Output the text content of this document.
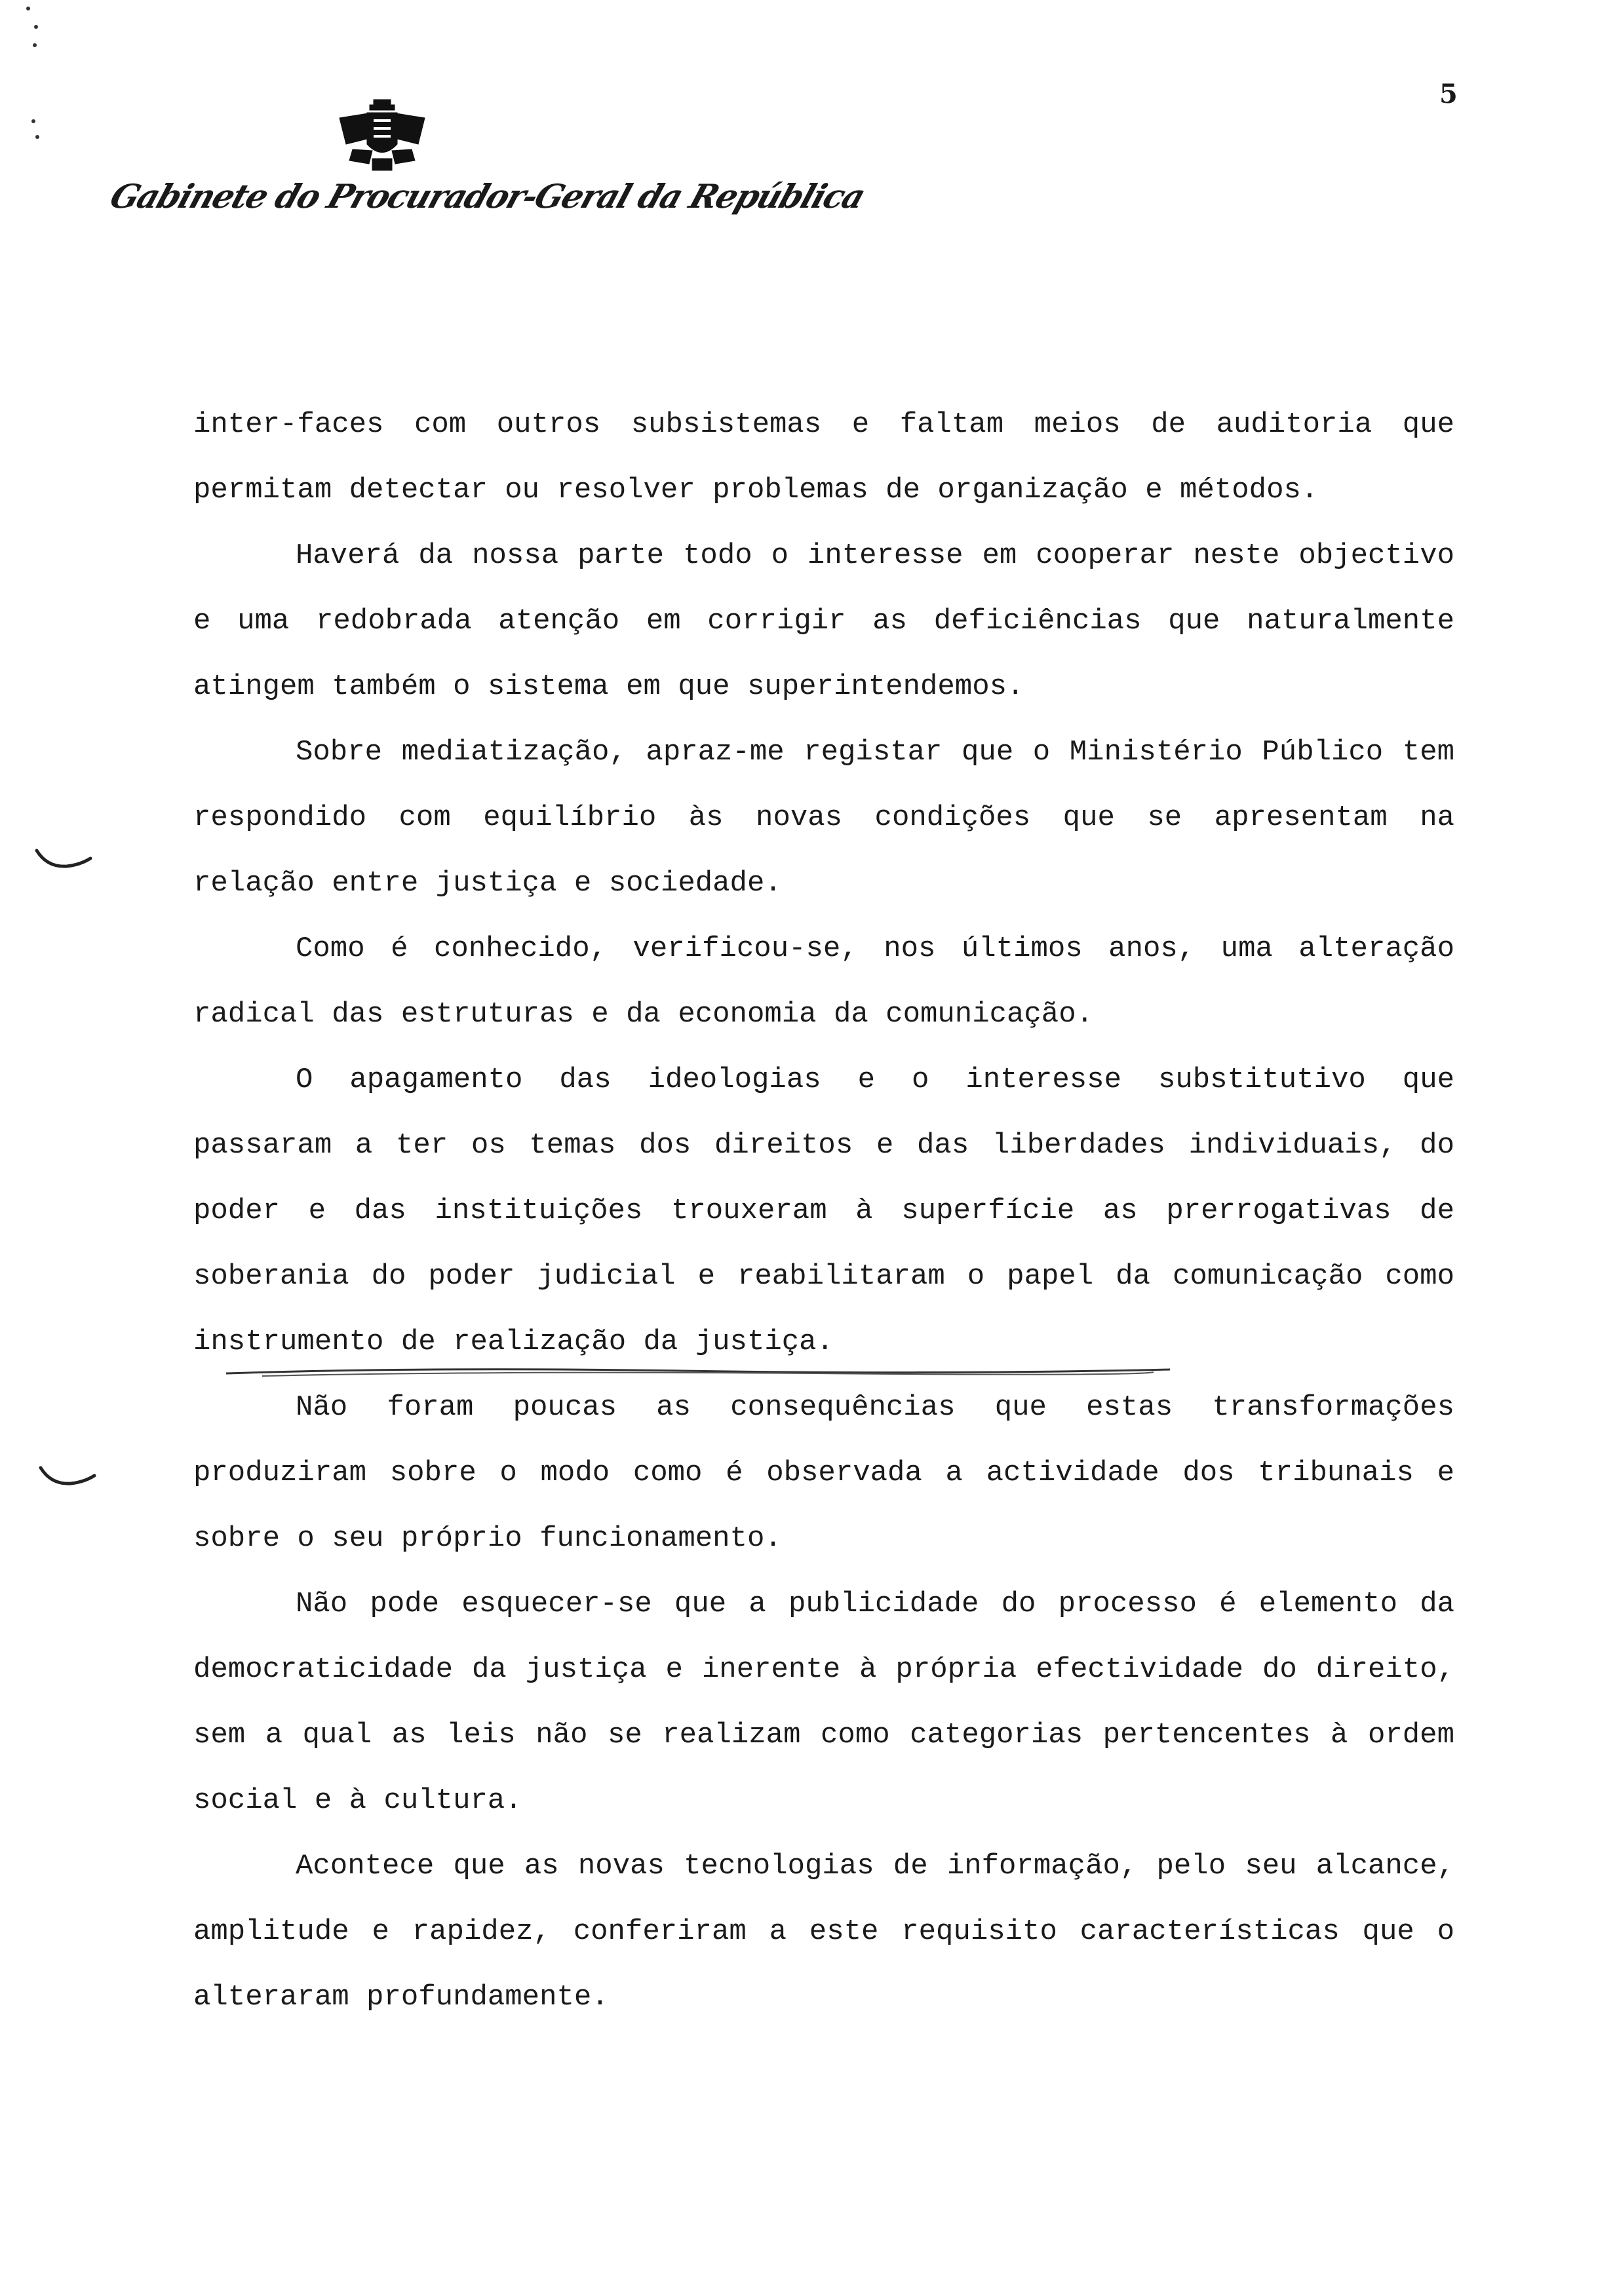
5
Gabinete do Procurador-Geral da República

inter-faces com outros subsistemas e faltam meios de auditoria que permitam detectar ou resolver problemas de organização e métodos.

Haverá da nossa parte todo o interesse em cooperar neste objectivo e uma redobrada atenção em corrigir as deficiências que naturalmente atingem também o sistema em que superintendemos.

Sobre mediatização, apraz-me registar que o Ministério Público tem respondido com equilíbrio às novas condições que se apresentam na relação entre justiça e sociedade.

Como é conhecido, verificou-se, nos últimos anos, uma alteração radical das estruturas e da economia da comunicação.

O apagamento das ideologias e o interesse substitutivo que passaram a ter os temas dos direitos e das liberdades individuais, do poder e das instituições trouxeram à superfície as prerrogativas de soberania do poder judicial e reabilitaram o papel da comunicação como instrumento de realização da justiça.

Não foram poucas as consequências que estas transformações produziram sobre o modo como é observada a actividade dos tribunais e sobre o seu próprio funcionamento.

Não pode esquecer-se que a publicidade do processo é elemento da democraticidade da justiça e inerente à própria efectividade do direito, sem a qual as leis não se realizam como categorias pertencentes à ordem social e à cultura.

Acontece que as novas tecnologias de informação, pelo seu alcance, amplitude e rapidez, conferiram a este requisito características que o alteraram profundamente.
